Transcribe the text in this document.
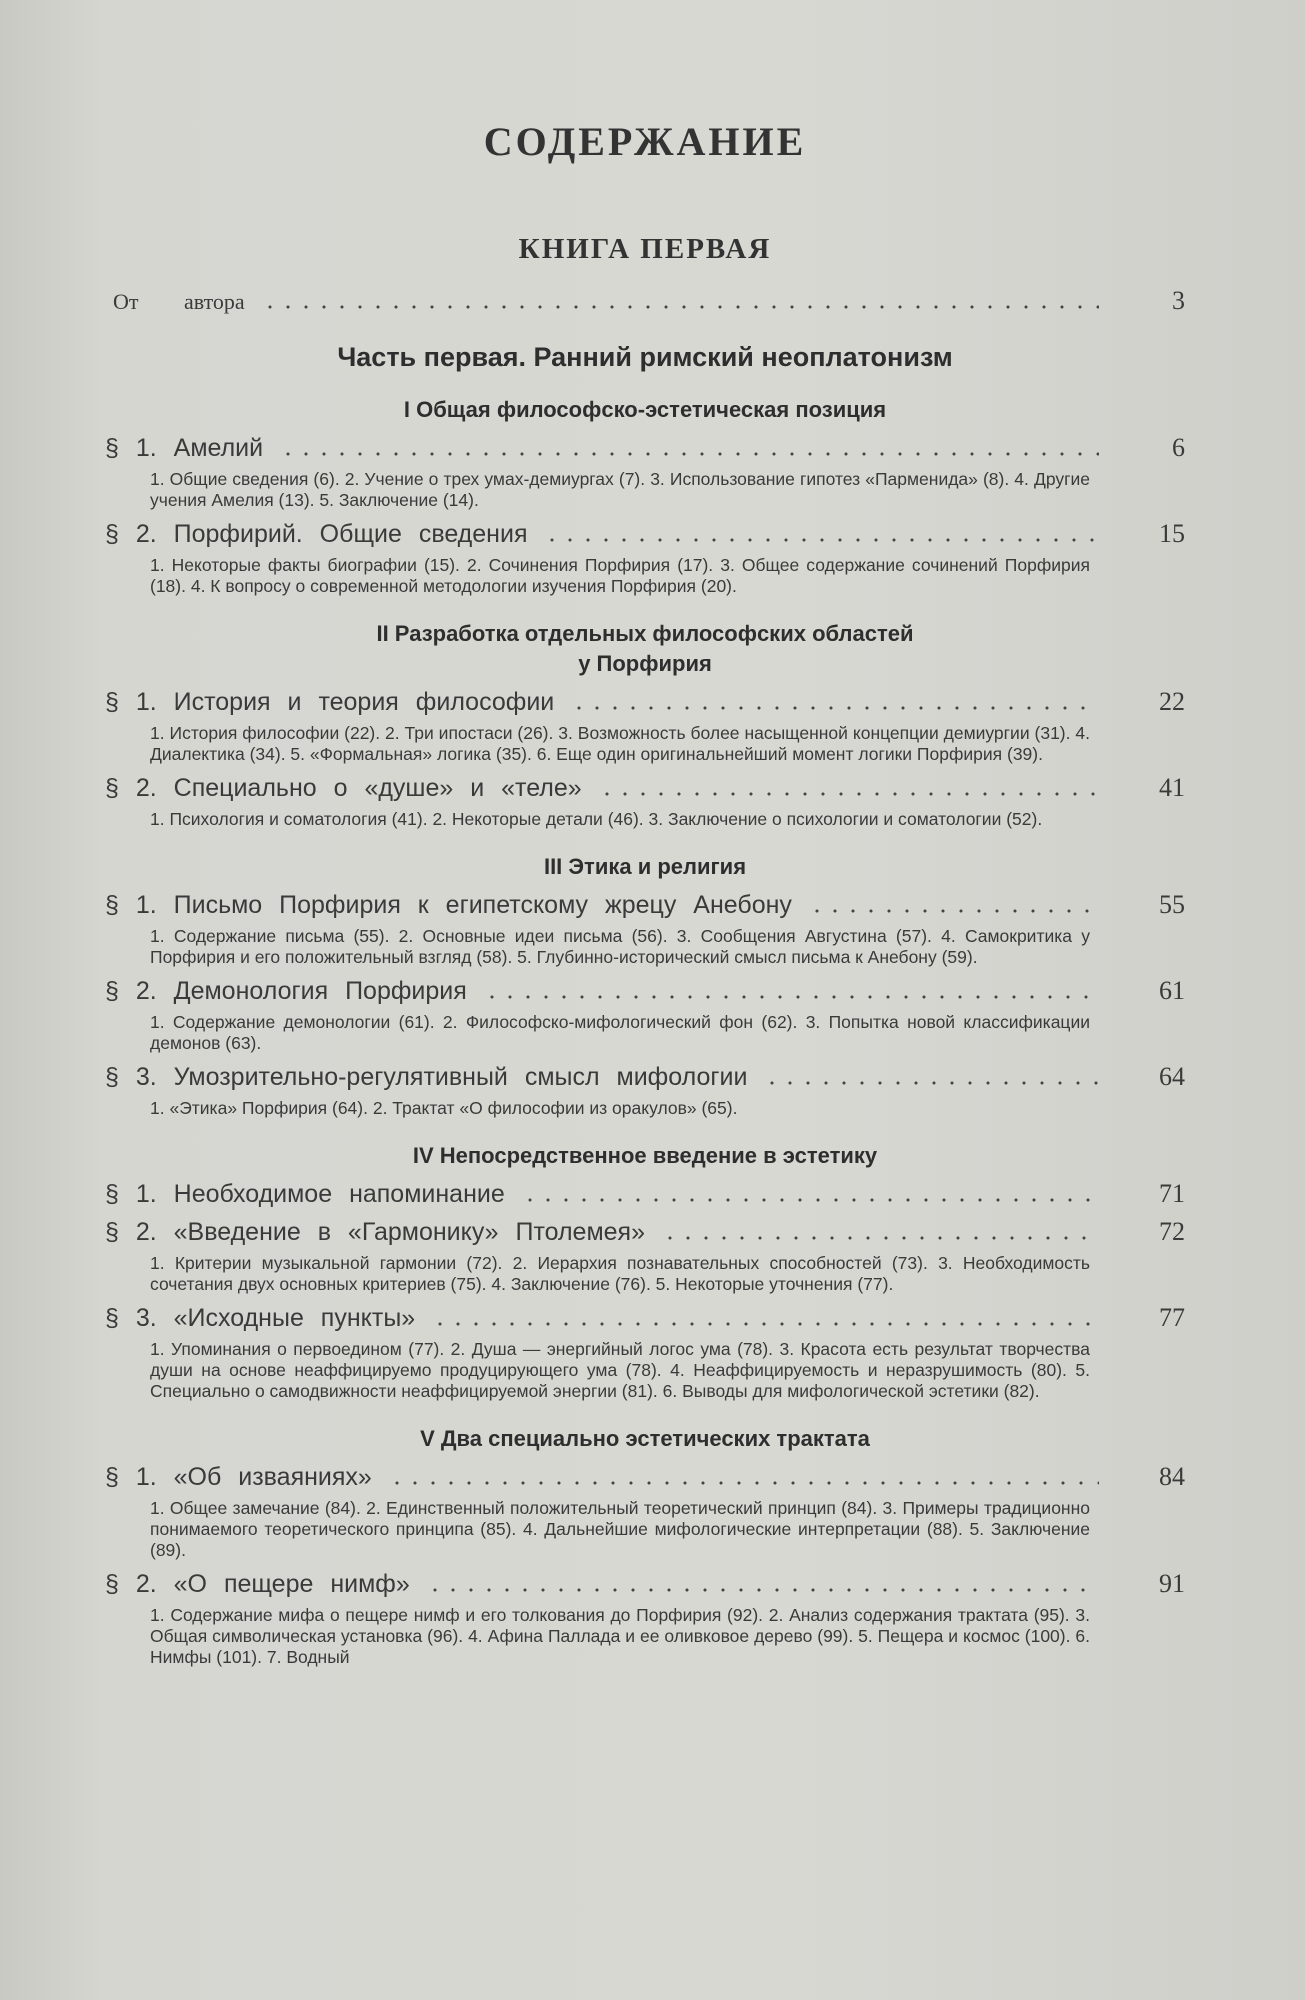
СОДЕРЖАНИЕ
КНИГА ПЕРВАЯ
От автора	3
Часть первая. Ранний римский неоплатонизм
I Общая философско-эстетическая позиция
§ 1. Амелий	6
1. Общие сведения (6). 2. Учение о трех умах-демиургах (7). 3. Использование гипотез «Парменида» (8). 4. Другие учения Амелия (13). 5. Заключение (14).
§ 2. Порфирий. Общие сведения	15
1. Некоторые факты биографии (15). 2. Сочинения Порфирия (17). 3. Общее содержание сочинений Порфирия (18). 4. К вопросу о современной методологии изучения Порфирия (20).
II Разработка отдельных философских областей
у Порфирия
§ 1. История и теория философии	22
1. История философии (22). 2. Три ипостаси (26). 3. Возможность более насыщенной концепции демиургии (31). 4. Диалектика (34). 5. «Формальная» логика (35). 6. Еще один оригинальнейший момент логики Порфирия (39).
§ 2. Специально о «душе» и «теле»	41
1. Психология и соматология (41). 2. Некоторые детали (46). 3. Заключение о психологии и соматологии (52).
III Этика и религия
§ 1. Письмо Порфирия к египетскому жрецу Анебону	55
1. Содержание письма (55). 2. Основные идеи письма (56). 3. Сообщения Августина (57). 4. Самокритика у Порфирия и его положительный взгляд (58). 5. Глубинно-исторический смысл письма к Анебону (59).
§ 2. Демонология Порфирия	61
1. Содержание демонологии (61). 2. Философско-мифологический фон (62). 3. Попытка новой классификации демонов (63).
§ 3. Умозрительно-регулятивный смысл мифологии	64
1. «Этика» Порфирия (64). 2. Трактат «О философии из оракулов» (65).
IV Непосредственное введение в эстетику
§ 1. Необходимое напоминание	71
§ 2. «Введение в «Гармонику» Птолемея»	72
1. Критерии музыкальной гармонии (72). 2. Иерархия познавательных способностей (73). 3. Необходимость сочетания двух основных критериев (75). 4. Заключение (76). 5. Некоторые уточнения (77).
§ 3. «Исходные пункты»	77
1. Упоминания о первоедином (77). 2. Душа — энергийный логос ума (78). 3. Красота есть результат творчества души на основе неаффицируемо продуцирующего ума (78). 4. Неаффицируемость и неразрушимость (80). 5. Специально о самодвижности неаффицируемой энергии (81). 6. Выводы для мифологической эстетики (82).
V Два специально эстетических трактата
§ 1. «Об изваяниях»	84
1. Общее замечание (84). 2. Единственный положительный теоретический принцип (84). 3. Примеры традиционно понимаемого теоретического принципа (85). 4. Дальнейшие мифологические интерпретации (88). 5. Заключение (89).
§ 2. «О пещере нимф»	91
1. Содержание мифа о пещере нимф и его толкования до Порфирия (92). 2. Анализ содержания трактата (95). 3. Общая символическая установка (96). 4. Афина Паллада и ее оливковое дерево (99). 5. Пещера и космос (100). 6. Нимфы (101). 7. Водный
